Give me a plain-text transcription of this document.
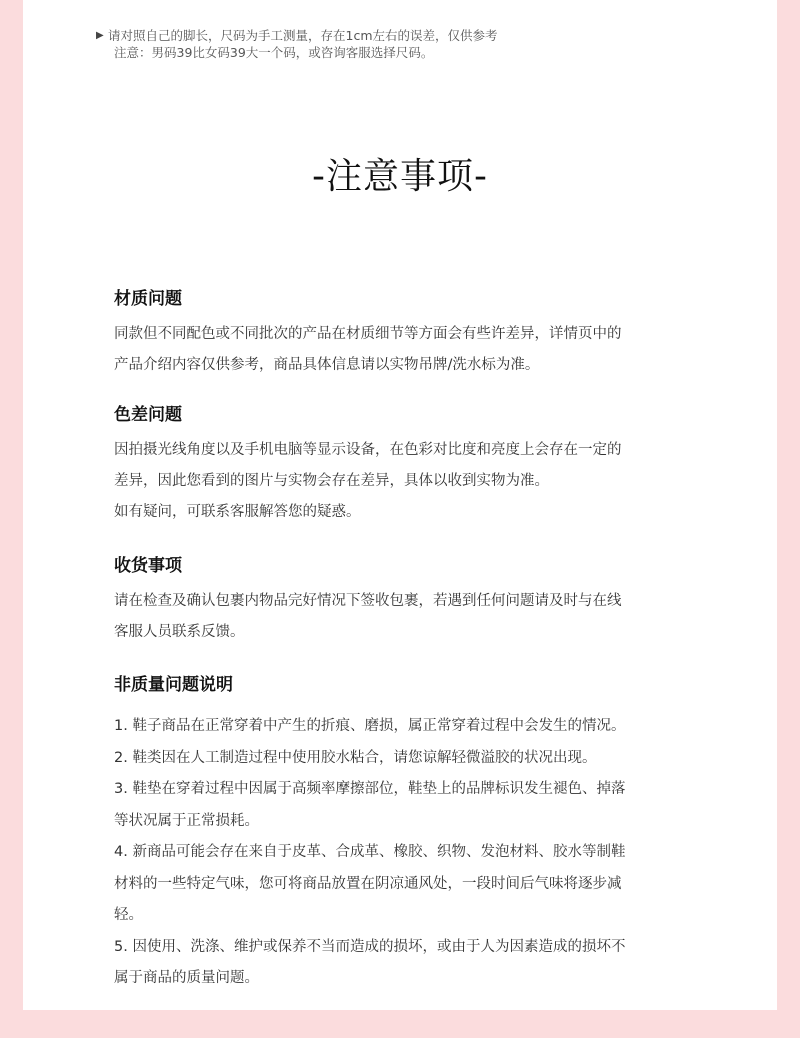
▶ 请对照自己的脚长，尺码为手工测量，存在1cm左右的误差，仅供参考
注意：男码39比女码39大一个码，或咨询客服选择尺码。
-注意事项-
材质问题

同款但不同配色或不同批次的产品在材质细节等方面会有些许差异，详情页中的

产品介绍内容仅供参考，商品具体信息请以实物吊牌/洗水标为准。

色差问题

因拍摄光线角度以及手机电脑等显示设备，在色彩对比度和亮度上会存在一定的

差异，因此您看到的图片与实物会存在差异，具体以收到实物为准。

如有疑问，可联系客服解答您的疑惑。

收货事项

请在检查及确认包裹内物品完好情况下签收包裹，若遇到任何问题请及时与在线

客服人员联系反馈。

非质量问题说明

1. 鞋子商品在正常穿着中产生的折痕、磨损，属正常穿着过程中会发生的情况。

2. 鞋类因在人工制造过程中使用胶水粘合，请您谅解轻微溢胶的状况出现。

3. 鞋垫在穿着过程中因属于高频率摩擦部位，鞋垫上的品牌标识发生褪色、掉落

等状况属于正常损耗。

4. 新商品可能会存在来自于皮革、合成革、橡胶、织物、发泡材料、胶水等制鞋

材料的一些特定气味，您可将商品放置在阴凉通风处，一段时间后气味将逐步减

轻。

5. 因使用、洗涤、维护或保养不当而造成的损坏，或由于人为因素造成的损坏不

属于商品的质量问题。
